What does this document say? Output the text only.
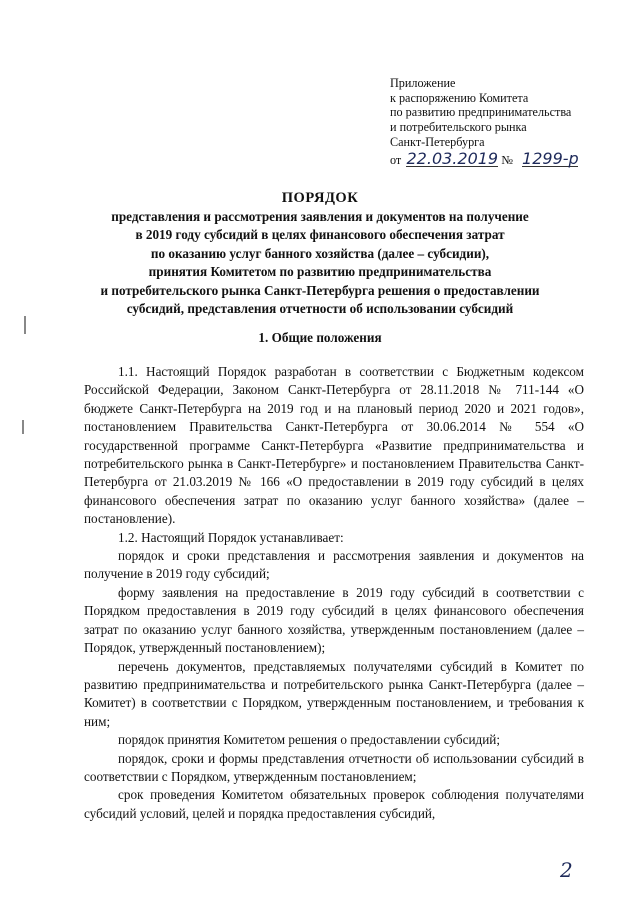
Приложение
к распоряжению Комитета
по развитию предпринимательства
и потребительского рынка
Санкт-Петербурга
от 22.03.2019 № 1299-р
ПОРЯДОК
представления и рассмотрения заявления и документов на получение
в 2019 году субсидий в целях финансового обеспечения затрат
по оказанию услуг банного хозяйства (далее – субсидии),
принятия Комитетом по развитию предпринимательства
и потребительского рынка Санкт-Петербурга решения о предоставлении
субсидий, представления отчетности об использовании субсидий
1. Общие положения

1.1. Настоящий Порядок разработан в соответствии с Бюджетным кодексом Российской Федерации, Законом Санкт-Петербурга от 28.11.2018 № 711-144 «О бюджете Санкт-Петербурга на 2019 год и на плановый период 2020 и 2021 годов», постановлением Правительства Санкт-Петербурга от 30.06.2014 № 554 «О государственной программе Санкт-Петербурга «Развитие предпринимательства и потребительского рынка в Санкт-Петербурге» и постановлением Правительства Санкт-Петербурга от 21.03.2019 № 166 «О предоставлении в 2019 году субсидий в целях финансового обеспечения затрат по оказанию услуг банного хозяйства» (далее – постановление).

1.2. Настоящий Порядок устанавливает:

порядок и сроки представления и рассмотрения заявления и документов на получение в 2019 году субсидий;

форму заявления на предоставление в 2019 году субсидий в соответствии с Порядком предоставления в 2019 году субсидий в целях финансового обеспечения затрат по оказанию услуг банного хозяйства, утвержденным постановлением (далее – Порядок, утвержденный постановлением);

перечень документов, представляемых получателями субсидий в Комитет по развитию предпринимательства и потребительского рынка Санкт-Петербурга (далее – Комитет) в соответствии с Порядком, утвержденным постановлением, и требования к ним;

порядок принятия Комитетом решения о предоставлении субсидий;

порядок, сроки и формы представления отчетности об использовании субсидий в соответствии с Порядком, утвержденным постановлением;

срок проведения Комитетом обязательных проверок соблюдения получателями субсидий условий, целей и порядка предоставления субсидий,

2
